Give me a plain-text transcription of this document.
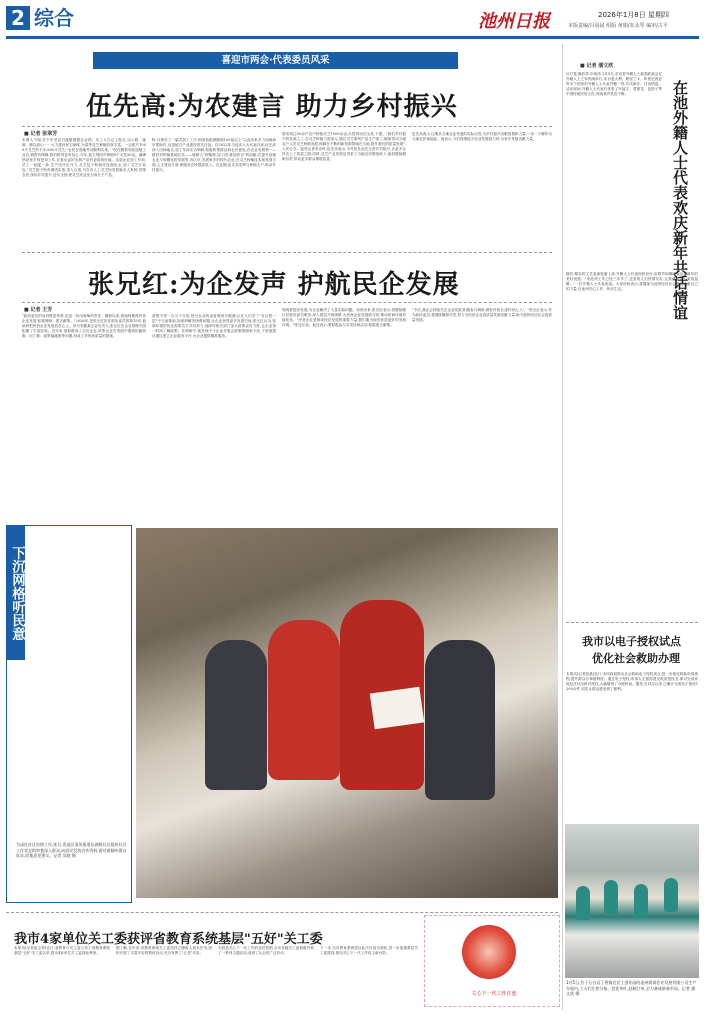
2 综合	池州日报	2026年1月8日 星期四
本版责编/吕晨晨 组版 黄娟/朱永琴 编审/古平
喜迎市两会·代表委员风采
伍先高:为农建言 助力乡村振兴
■ 记者 张翠芳
本网人不弱,位于东至县吕渡镇德德农业园。从工人日记上饱含,以六路、驰骋、颇以高山一一大力建设民宅助味,为春季灵芝种植收获丰富。一亩收产1000斤灵芝的千多,800斤灵芝,"农民在基地劳动顺利实现。"现在随着市政加强工业农,销售有保障,我们种得更有信心,今年,他立刻回乡种植8个大型30亩。满满热爱家乡的是刘工作,让看出孟的农林产品有更高的价值。这诺企业加工车间,员工一起配一条,生产线开足马力,灵芝包子粉和皮包面包水,加工灵芝片装包,"灵芝孢子粉有调适实惠,加入合适,可在市人工灵芝粉发展新农人家种,带领农民,深向乡村振兴,近年全国,使灵芝成业变为高分子产品。
粉,仅保多了一篇灵加工工序,细加装配被隔面100倍以上"以此动来多力周地和市帮助作,也是地方产业建设的实任品。自2022年当选市人大代表以来,伍先高深入田间地头,加工车间走访调研,积极收集群众和农民意见,在农业发展和一—耕居村种植基地区实——耕耕人"种植策,加工团,推加快农"的前瞻,在提升设施农业与规模化时发展等,有区市,发展家乡的现代农业,在灵芝种植技术和发展方面,人才建设方面,使服务农民提高收入。在近期,伍先高发挥与种植大户,推动乡村振兴。
帮动周边50余户农户种植灵芝1000余亩,办管带动在全县,下建。"我们乡村振兴的发展人工,在灵芝种植力度加大,通过灵芝系列产品生产加工,辐射带动当地农户人员灵芝种植发展,保障在不断的新资源领域在当地,提升我们的质量发展",人民分享。接受记者采访时,伍先高表示,今年伍先高在完善乡村振兴,让更多农民走上了致富之路,同时,灵芝产业发展也带来了当地农民增加收入,他将继续履职尽责,带动更多群众增收致富。
伍先高表示,还要从当地农业发展的实际出发,为乡村振兴贡献智慧和力量,一步一个脚印为当地农民谋福祉。他表示,今后将继续为农业发展鼓与呼,为家乡发展贡献力量。
张兄红:为企发声 护航民企发展
■ 记者 王芳
"政协委员的身份既是荣誉,也是一份沉甸甸的责任。履职以来,我始终聚焦民营企业发展,积极调研、建言献策。"2026年,是张兄红担任政协委员的第15年,他始终把民营企业发展放在心上。身为安徽某企业负责人,张兄红在企业管理方面积累了丰富经验。近年来,他积极深入走访企业,收集企业在发展中遇到的融资难、用工难、政策落地难等问题,形成了多份高质量的提案。
备既不得一合当十分用,把分企业的设备调查分服测,让在人们学了"在反把一层"中当前基础,如何研解决困难问题,让企业获得更多发展空间,张兄红认为,营商环境的优化需要各方共同努力,他呼吁相关部门加大政策宣传力度,让企业第一时间了解政策。在调研中,他发现不少企业对惠企政策知晓率不高,于是他建议通过建立企业服务平台,为企业提供精准服务。
规明被提出发展,为企业解决了大量实际问题。谈到未来,张兄红表示,将继续履行好政协委员职责,深入基层开展调研,为民营企业发展鼓与呼,推动营商环境持续优化。"民营企业是推动经济发展的重要力量,我们要为他们营造更好的发展环境。"张兄红说。他还表示,要积极参与各类协商活动,积极建言献策。
"今后,我还会持续关注企业发展,积极参与调研,做好民营企业的'贴心人'。"张兄红表示,作为政协委员,将继续履职尽责,努力为民营企业高质量发展贡献力量,助力池州经济社会高质量发展。
下沉网格听民意
为深化社区治理工作,连日,贵池区清风街道东湖路社区组织社区工作者走街串巷深入群众,向居民发放宣传资料,面对面倾听群众诉求,收集意见建议。记者 吴晓 摄
我市4家单位关工委获评省教育系统基层"五好"关工委
本报讯(记者崔文婷)近日,省教育厅关工委公布了省教育系统基层"五好"关工委名单,我市4家单位关工委获此殊荣。
据了解,近年来,市教育系统关工委坚持立德树人根本任务,组织开展了丰富多彩的教育活动,充分发挥了"五老"作用。
为营造关心下一代工作的良好氛围,全市各级关工委积极开展了一系列主题活动,受到了社会的广泛好评。
下一步,全市教育系统将以此次评选为契机,进一步加强基层关工委建设,推动关心下一代工作再上新台阶。
关心下一代工作在池
■ 记者 潘文欣
在池外籍人士代表欢庆新年共话情谊
红灯笼,飘彩带,年味浓,1月5日,东至县外籍人士新春联欢会在外籍人士之家热闹举行,来自意大利、斯里兰卡、印度尼西亚等多个国家的外籍人士代表齐聚一堂,共庆新年、共话情谊。活动现场,外籍人士代表们体验了写福字、剪窗花、包饺子等中国传统民俗文化,现场欢声笑语不断。
随后,精彩的文艺表演轮番上演,外籍人士代表纷纷登台,用歌声和舞蹈表达对新年的美好祝愿。"来池州工作已经三年多了,这里的人们热情友好,让我感受到了家的温暖。"一位外籍人士代表说道。大家纷纷表示,将继续为池州经济社会发展贡献自己的力量,在池州安心工作、快乐生活。
我市以电子授权试点
优化社会救助办理
本报讯(记者张晶)近日,市民政局推出社会救助电子授权试点,进一步简化救助申请流程,提升群众办事便利度。通过电子授权,申请人无需再提交纸质授权书,即可完成家庭经济状况核对授权,大幅缩短了办理时间。据悉,自试点以来,已累计完成电子授权1200余件,切实让群众感受到了便利。
1月5日,位于石台县丁香镇农民工创业园的池州润泰农业发展有限公司生产车间内,工人们忙着分拣、包装茶叶,赶制订单,全力备战新春市场。记者 潘文欣 摄
